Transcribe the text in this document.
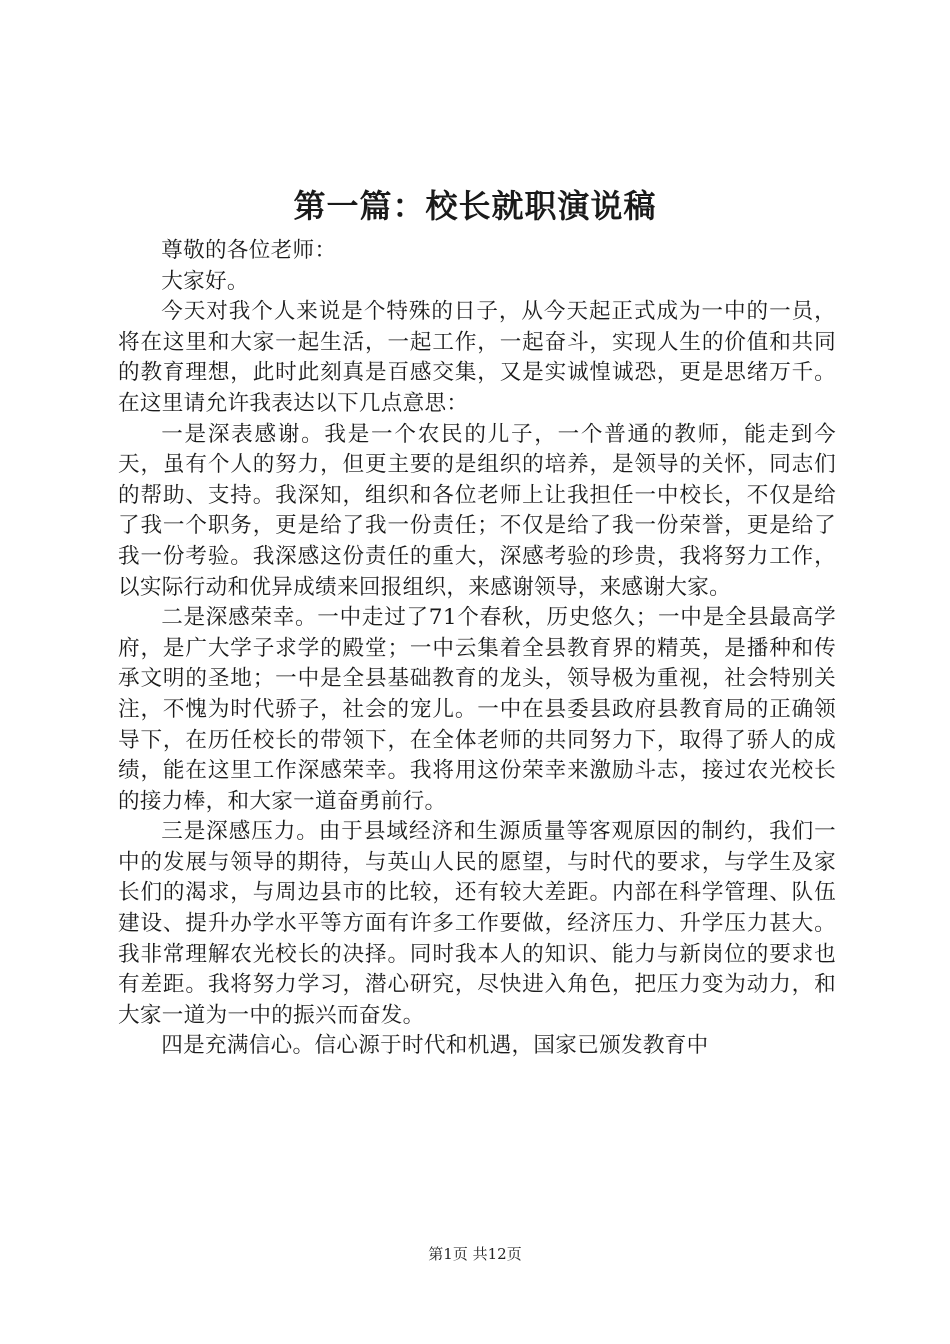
第一篇：校长就职演说稿

尊敬的各位老师：

大家好。

今天对我个人来说是个特殊的日子，从今天起正式成为一中的一员，将在这里和大家一起生活，一起工作，一起奋斗，实现人生的价值和共同的教育理想，此时此刻真是百感交集，又是实诚惶诚恐，更是思绪万千。在这里请允许我表达以下几点意思：

一是深表感谢。我是一个农民的儿子，一个普通的教师，能走到今天，虽有个人的努力，但更主要的是组织的培养，是领导的关怀，同志们的帮助、支持。我深知，组织和各位老师上让我担任一中校长，不仅是给了我一个职务，更是给了我一份责任；不仅是给了我一份荣誉，更是给了我一份考验。我深感这份责任的重大，深感考验的珍贵，我将努力工作，以实际行动和优异成绩来回报组织，来感谢领导，来感谢大家。

二是深感荣幸。一中走过了71个春秋，历史悠久；一中是全县最高学府，是广大学子求学的殿堂；一中云集着全县教育界的精英，是播种和传承文明的圣地；一中是全县基础教育的龙头，领导极为重视，社会特别关注，不愧为时代骄子，社会的宠儿。一中在县委县政府县教育局的正确领导下，在历任校长的带领下，在全体老师的共同努力下，取得了骄人的成绩，能在这里工作深感荣幸。我将用这份荣幸来激励斗志，接过农光校长的接力棒，和大家一道奋勇前行。

三是深感压力。由于县域经济和生源质量等客观原因的制约，我们一中的发展与领导的期待，与英山人民的愿望，与时代的要求，与学生及家长们的渴求，与周边县市的比较，还有较大差距。内部在科学管理、队伍建设、提升办学水平等方面有许多工作要做，经济压力、升学压力甚大。我非常理解农光校长的决择。同时我本人的知识、能力与新岗位的要求也有差距。我将努力学习，潜心研究，尽快进入角色，把压力变为动力，和大家一道为一中的振兴而奋发。

四是充满信心。信心源于时代和机遇，国家已颁发教育中

第1页 共12页
